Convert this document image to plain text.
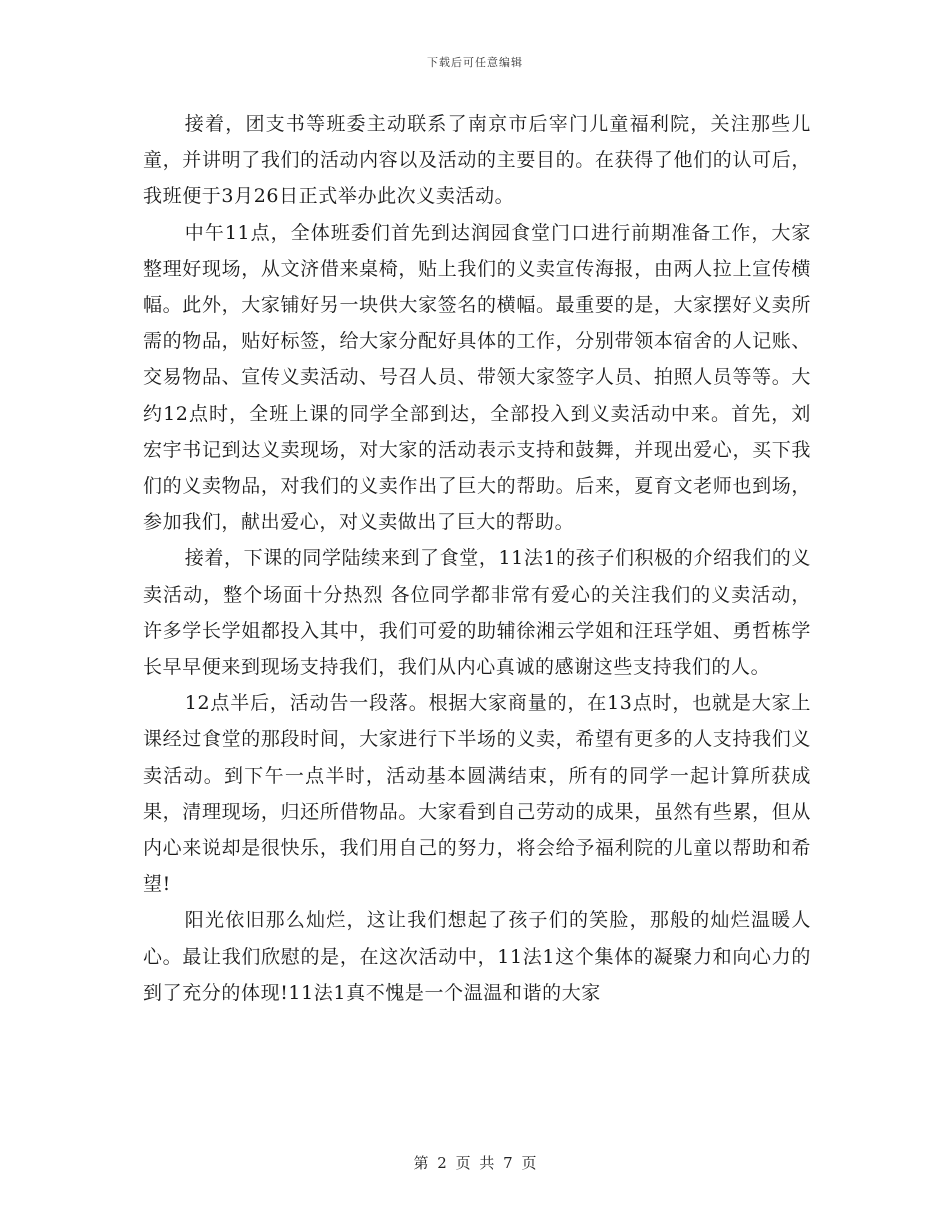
下载后可任意编辑

接着，团支书等班委主动联系了南京市后宰门儿童福利院，关注那些儿童，并讲明了我们的活动内容以及活动的主要目的。在获得了他们的认可后，我班便于3月26日正式举办此次义卖活动。

中午11点，全体班委们首先到达润园食堂门口进行前期准备工作，大家整理好现场，从文济借来桌椅，贴上我们的义卖宣传海报，由两人拉上宣传横幅。此外，大家铺好另一块供大家签名的横幅。最重要的是，大家摆好义卖所需的物品，贴好标签，给大家分配好具体的工作，分别带领本宿舍的人记账、交易物品、宣传义卖活动、号召人员、带领大家签字人员、拍照人员等等。大约12点时，全班上课的同学全部到达，全部投入到义卖活动中来。首先，刘宏宇书记到达义卖现场，对大家的活动表示支持和鼓舞，并现出爱心，买下我们的义卖物品，对我们的义卖作出了巨大的帮助。后来，夏育文老师也到场，参加我们，献出爱心，对义卖做出了巨大的帮助。

接着，下课的同学陆续来到了食堂，11法1的孩子们积极的介绍我们的义卖活动，整个场面十分热烈 各位同学都非常有爱心的关注我们的义卖活动，许多学长学姐都投入其中，我们可爱的助辅徐湘云学姐和汪珏学姐、勇哲栋学长早早便来到现场支持我们，我们从内心真诚的感谢这些支持我们的人。

12点半后，活动告一段落。根据大家商量的，在13点时，也就是大家上课经过食堂的那段时间，大家进行下半场的义卖，希望有更多的人支持我们义卖活动。到下午一点半时，活动基本圆满结束，所有的同学一起计算所获成果，清理现场，归还所借物品。大家看到自己劳动的成果，虽然有些累，但从内心来说却是很快乐，我们用自己的努力，将会给予福利院的儿童以帮助和希望!

阳光依旧那么灿烂，这让我们想起了孩子们的笑脸，那般的灿烂温暖人心。最让我们欣慰的是，在这次活动中，11法1这个集体的凝聚力和向心力的到了充分的体现!11法1真不愧是一个温温和谐的大家

第 2 页 共 7 页
